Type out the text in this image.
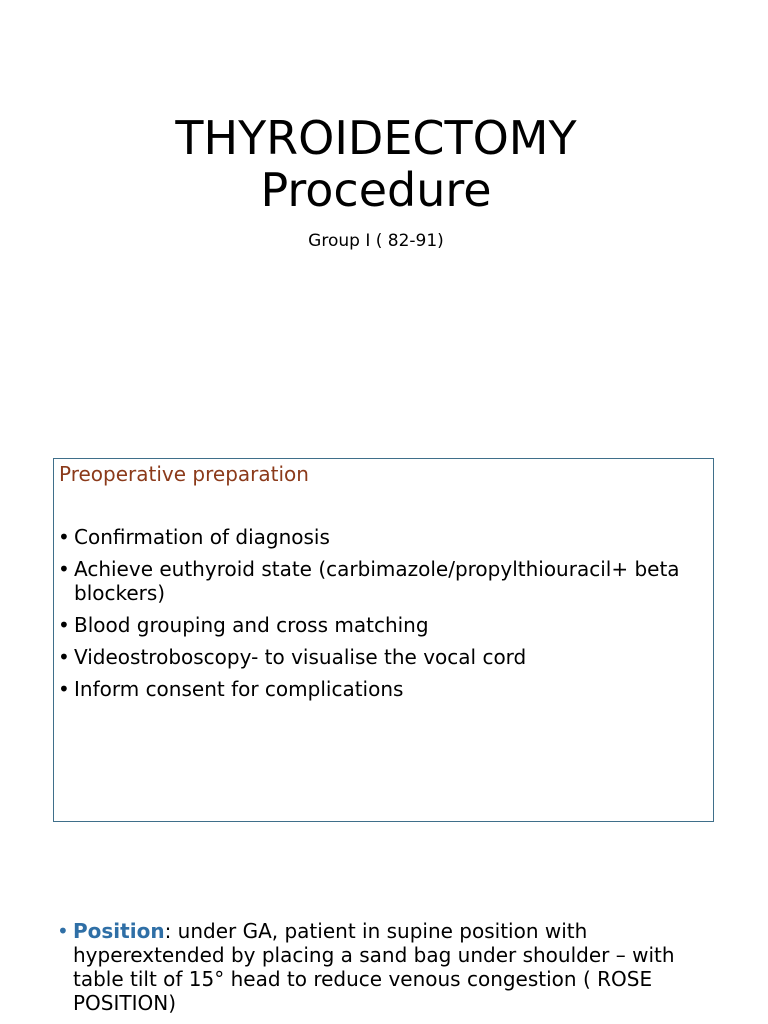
THYROIDECTOMY
Procedure
Group I ( 82-91)
Preoperative preparation
• Confirmation of diagnosis
• Achieve euthyroid state (carbimazole/propylthiouracil+ beta blockers)
• Blood grouping and cross matching
• Videostroboscopy- to visualise the vocal cord
• Inform consent for complications
• Position: under GA, patient in supine position with hyperextended by placing a sand bag under shoulder – with table tilt of 15° head to reduce venous congestion ( ROSE POSITION)
